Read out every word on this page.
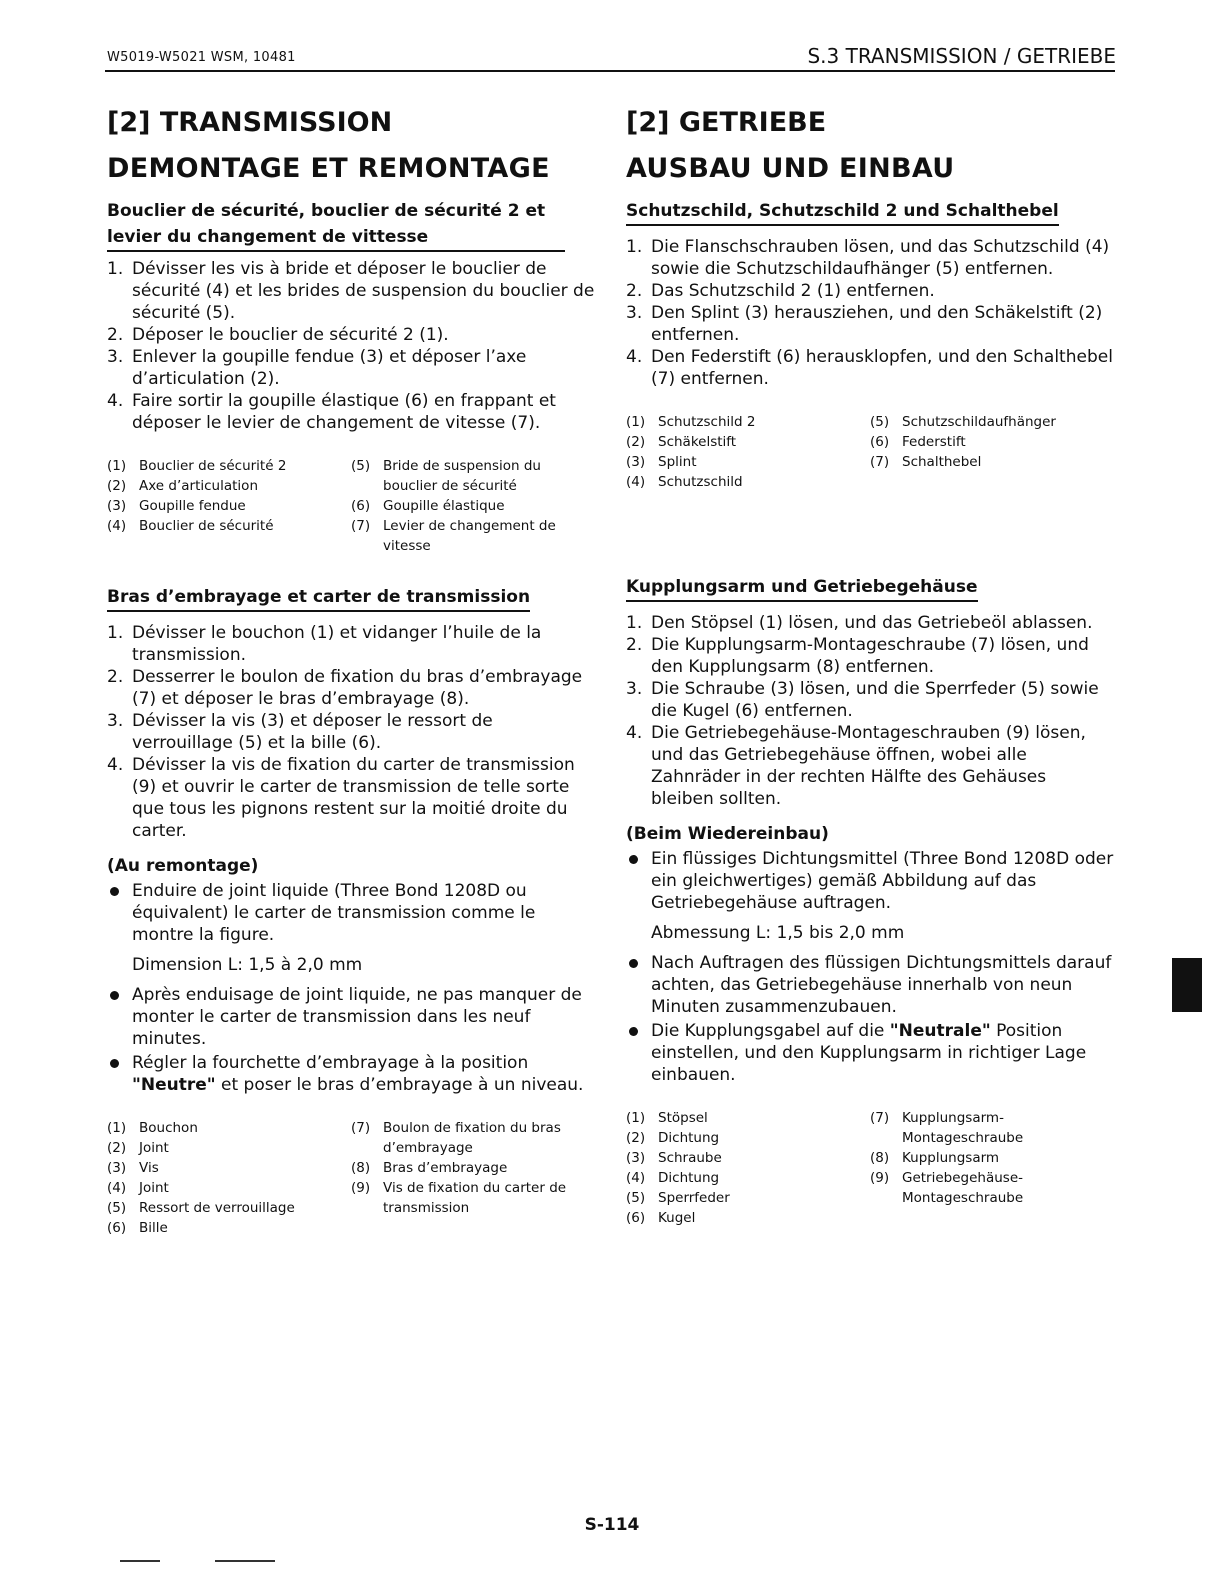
W5019-W5021 WSM, 10481	S.3 TRANSMISSION / GETRIEBE
[2] TRANSMISSION
DEMONTAGE ET REMONTAGE
Bouclier de sécurité, bouclier de sécurité 2 et levier du changement de vittesse
1. Dévisser les vis à bride et déposer le bouclier de sécurité (4) et les brides de suspension du bouclier de sécurité (5).
2. Déposer le bouclier de sécurité 2 (1).
3. Enlever la goupille fendue (3) et déposer l’axe d’articulation (2).
4. Faire sortir la goupille élastique (6) en frappant et déposer le levier de changement de vitesse (7).
(1) Bouclier de sécurité 2
(2) Axe d’articulation
(3) Goupille fendue
(4) Bouclier de sécurité
(5) Bride de suspension du bouclier de sécurité
(6) Goupille élastique
(7) Levier de changement de vitesse
Bras d’embrayage et carter de transmission
1. Dévisser le bouchon (1) et vidanger l’huile de la transmission.
2. Desserrer le boulon de fixation du bras d’embrayage (7) et déposer le bras d’embrayage (8).
3. Dévisser la vis (3) et déposer le ressort de verrouillage (5) et la bille (6).
4. Dévisser la vis de fixation du carter de transmission (9) et ouvrir le carter de transmission de telle sorte que tous les pignons restent sur la moitié droite du carter.
(Au remontage)
Enduire de joint liquide (Three Bond 1208D ou équivalent) le carter de transmission comme le montre la figure.
Dimension L: 1,5 à 2,0 mm
Après enduisage de joint liquide, ne pas manquer de monter le carter de transmission dans les neuf minutes.
Régler la fourchette d’embrayage à la position "Neutre" et poser le bras d’embrayage à un niveau.
(1) Bouchon
(2) Joint
(3) Vis
(4) Joint
(5) Ressort de verrouillage
(6) Bille
(7) Boulon de fixation du bras d’embrayage
(8) Bras d’embrayage
(9) Vis de fixation du carter de transmission
[2] GETRIEBE
AUSBAU UND EINBAU
Schutzschild, Schutzschild 2 und Schalthebel
1. Die Flanschschrauben lösen, und das Schutzschild (4) sowie die Schutzschildaufhänger (5) entfernen.
2. Das Schutzschild 2 (1) entfernen.
3. Den Splint (3) herausziehen, und den Schäkelstift (2) entfernen.
4. Den Federstift (6) herausklopfen, und den Schalthebel (7) entfernen.
(1) Schutzschild 2
(2) Schäkelstift
(3) Splint
(4) Schutzschild
(5) Schutzschildaufhänger
(6) Federstift
(7) Schalthebel
Kupplungsarm und Getriebegehäuse
1. Den Stöpsel (1) lösen, und das Getriebeöl ablassen.
2. Die Kupplungsarm-Montageschraube (7) lösen, und den Kupplungsarm (8) entfernen.
3. Die Schraube (3) lösen, und die Sperrfeder (5) sowie die Kugel (6) entfernen.
4. Die Getriebegehäuse-Montageschrauben (9) lösen, und das Getriebegehäuse öffnen, wobei alle Zahnräder in der rechten Hälfte des Gehäuses bleiben sollten.
(Beim Wiedereinbau)
Ein flüssiges Dichtungsmittel (Three Bond 1208D oder ein gleichwertiges) gemäß Abbildung auf das Getriebegehäuse auftragen.
Abmessung L: 1,5 bis 2,0 mm
Nach Auftragen des flüssigen Dichtungsmittels darauf achten, das Getriebegehäuse innerhalb von neun Minuten zusammenzubauen.
Die Kupplungsgabel auf die "Neutrale" Position einstellen, und den Kupplungsarm in richtiger Lage einbauen.
(1) Stöpsel
(2) Dichtung
(3) Schraube
(4) Dichtung
(5) Sperrfeder
(6) Kugel
(7) Kupplungsarm-Montageschraube
(8) Kupplungsarm
(9) Getriebegehäuse-Montageschraube
S-114
